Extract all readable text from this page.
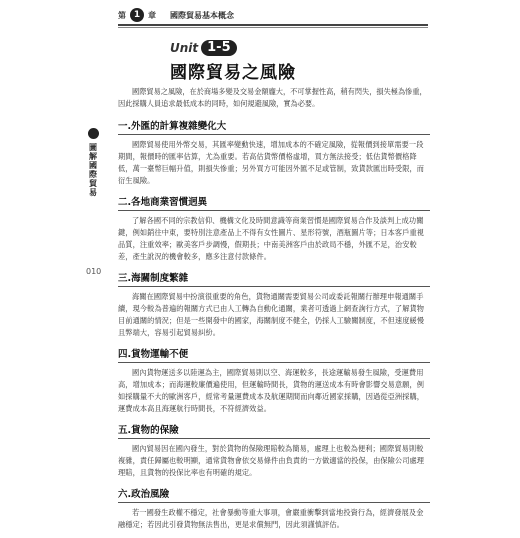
第 1 章 國際貿易基本概念
圖解國際貿易
010
Unit 1-5
國際貿易之風險

國際貿易之風險，在於商場多變及交易金額龐大，不可掌握性高，稍有閃失，損失極為慘重，因此採購人員追求最低成本的同時，如何規避風險，實為必要。

一.外匯的計算複雜變化大

國際貿易使用外幣交易，其匯率變動快速，增加成本的不確定風險，從報價到接單需要一段期間，報價時的匯率估算，尤為重要。若高估貨幣價格虛增，買方無法接受；低估貨幣價格降低，萬一臺幣巨幅升值，則損失慘重；另外買方可能因外匯不足或管制，致貨款匯出時受限，而衍生風險。

二.各地商業習慣迥異

了解各國不同的宗教信仰、機構文化及時間意識等商業習慣是國際貿易合作及談判上成功關鍵，例如銷往中東，要特別注意產品上不得有女性圖片、星形符號，酒瓶圖片等；日本客戶重視品質，注重效率；歐美客戶步調慢，假期長；中南美洲客戶由於政局不穩，外匯不足，治安較差，產生訛況的機會較多，應多注意付款條件。

三.海關制度繁雜

海關在國際貿易中扮演很重要的角色，貨物通關需要貿易公司或委託報關行辦理申報通關手續，現今較為普遍的報關方式已由人工轉為自動化通關，業者可透過上網查詢行方式，了解貨物目前通關的情況；但是一些開發中的國家，海關制度不健全，仍採人工驗關制度，不但速度緩慢且弊端大，容易引起貿易糾紛。

四.貨物運輸不便

國內貨物運送多以陸運為主，國際貿易則以空、海運較多，長途運輸易發生風險，受運費用高，增加成本；而海運較廉價遍使用，但運輸時間長，貨物的運送成本有時會影響交易意願，例如採購量不大的歐洲客戶，經常考量運費成本及航運期間而向鄰近國家採購，因過從亞洲採購，運費成本高且海運航行時間長，不符經濟效益。

五.貨物的保險

國內貿易因在國內發生，對於貨物的保險理賠較為簡易，處理上也較為便利；國際貿易則較複雜，責任歸屬也較明顯，通常貨物會依交易條件由負責的一方做適當的投保，由保險公司處理理賠，且貨物的投保比率也有明確的規定。

六.政治風險

若一國發生政權不穩定，社會暴動等重大事項，會嚴重衝擊到當地投資行為，經濟發展及金融穩定；若因此引發貨物無法售出，更是求償無門，因此須謹慎評估。
